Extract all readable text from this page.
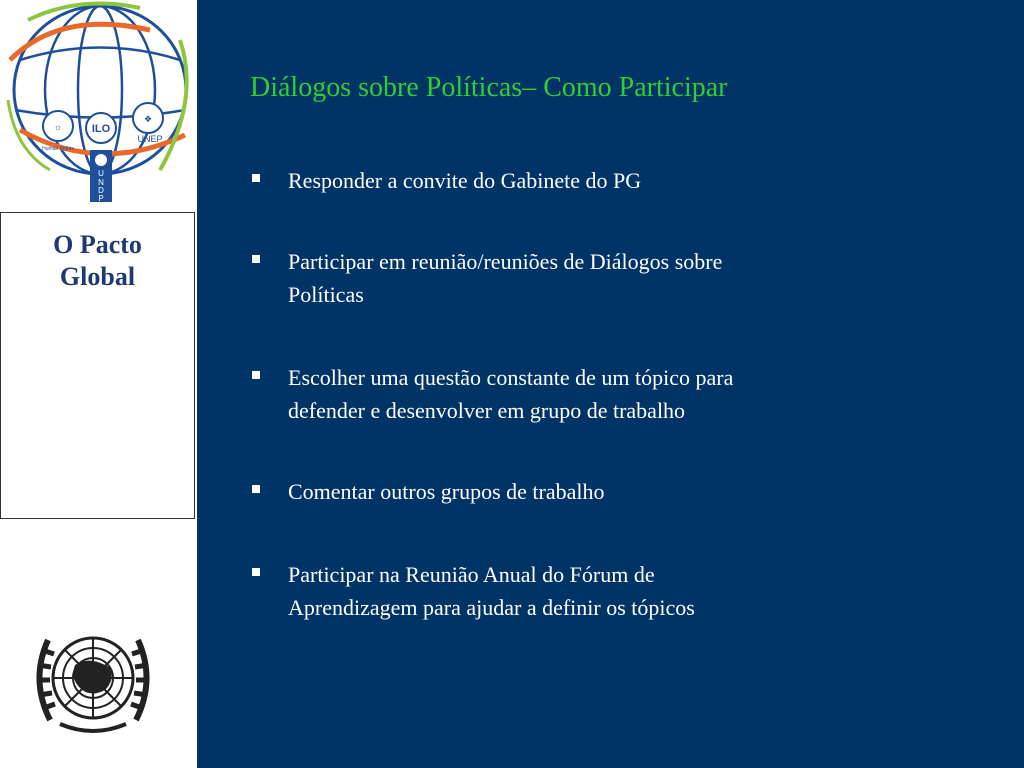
☼
Human Rights
ILO
❖
UNEP
U
N
D
P
O Pacto
Global
Diálogos sobre Políticas– Como Participar
Responder a convite do Gabinete do PG
Participar em reunião/reuniões de Diálogos sobre
Políticas
Escolher uma questão constante de um tópico para
defender e desenvolver em grupo de trabalho
Comentar outros grupos de trabalho
Participar na Reunião Anual do Fórum de
Aprendizagem para ajudar a definir os tópicos
